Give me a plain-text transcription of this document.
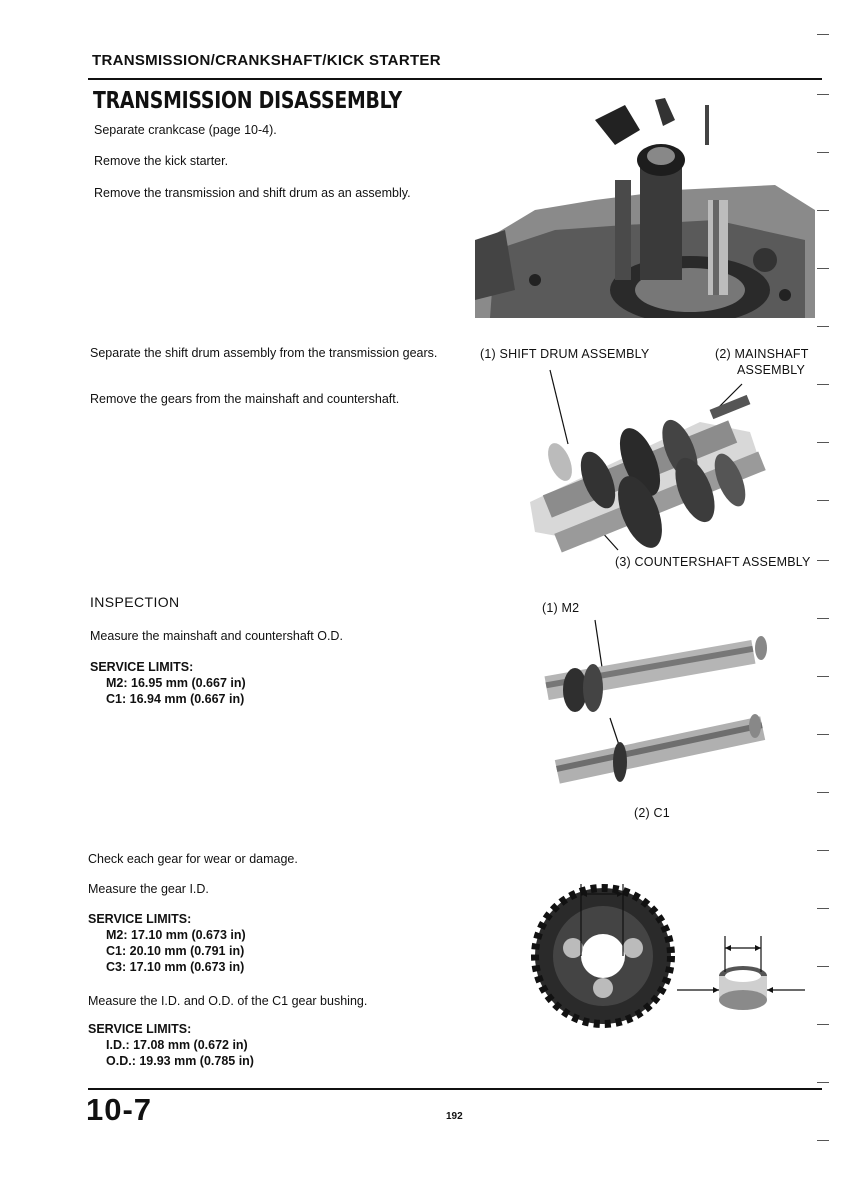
TRANSMISSION/CRANKSHAFT/KICK STARTER
TRANSMISSION DISASSEMBLY
Separate crankcase (page 10-4).
Remove the kick starter.
Remove the transmission and shift drum as an assembly.
Separate the shift drum assembly from the transmission gears.
Remove the gears from the mainshaft and countershaft.
(1) SHIFT DRUM ASSEMBLY	(2) MAINSHAFT
ASSEMBLY
(3) COUNTERSHAFT ASSEMBLY
INSPECTION
Measure the mainshaft and countershaft O.D.
SERVICE LIMITS:
M2: 16.95 mm (0.667 in)
C1: 16.94 mm (0.667 in)
(1) M2
(2) C1
Check each gear for wear or damage.
Measure the gear I.D.
SERVICE LIMITS:
M2: 17.10 mm (0.673 in)
C1: 20.10 mm (0.791 in)
C3: 17.10 mm (0.673 in)
Measure the I.D. and O.D. of the C1 gear bushing.
SERVICE LIMITS:
I.D.: 17.08 mm (0.672 in)
O.D.: 19.93 mm (0.785 in)
10-7	192
